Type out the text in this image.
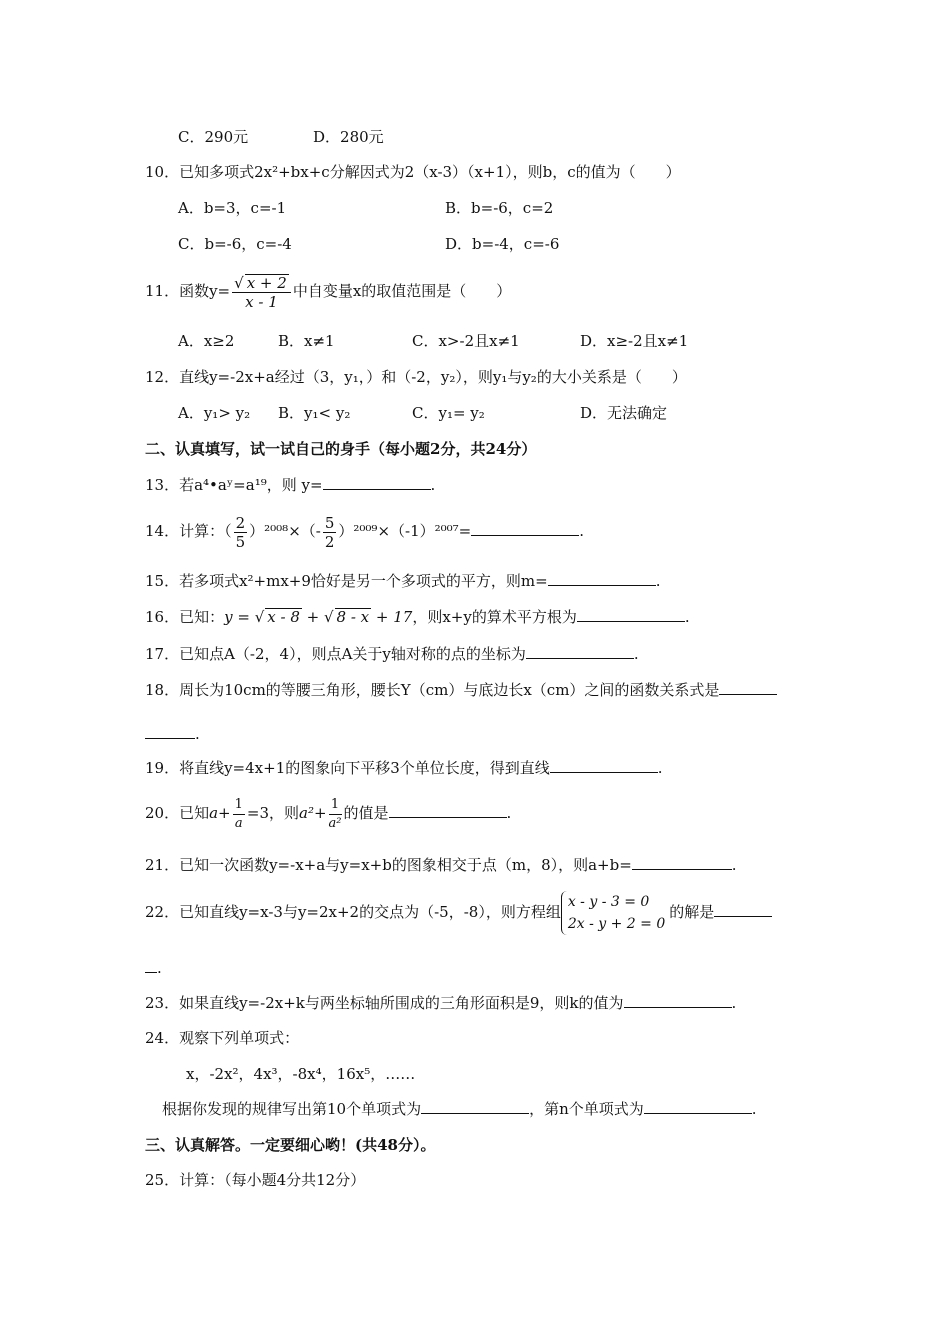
C．290元	D．280元
10．已知多项式2x²+bx+c分解因式为2（x-3）（x+1），则b，c的值为（　　）
A．b=3，c=-1	B．b=-6，c=2
C．b=-6，c=-4	D．b=-4，c=-6
11．函数$y= \frac{√ x + 2}{x - 1}$ 中自变量x的取值范围是（　　）
A．x≥2	B．x≠1	C．x>-2且x≠1	D．x≥-2且x≠1
12．直线y=-2x+a经过（3，y₁，）和（-2，y₂），则y₁与y₂的大小关系是（　　）
A．y₁> y₂ B．y₁< y₂	C．y₁= y₂	D．无法确定
二、认真填写，试一试自己的身手（每小题2分，共24分）
13．若a⁴•aʸ=a¹⁹，则 y=	.
14．计算：（ $\frac{2}{5} )^{2008}\times(- \frac{5}{2} )^{2009}\times(-1)^{2007}=$	.
15．若多项式x²+mx+9恰好是另一个多项式的平方，则m=	.
16．已知：y = √ x - 8 + √ 8 - x + 17，则x+y的算术平方根为	.
17．已知点A（-2，4），则点A关于y轴对称的点的坐标为	.
18．周长为10cm的等腰三角形，腰长Y（cm）与底边长x（cm）之间的函数关系式是
.
19．将直线y=4x+1的图象向下平移3个单位长度，得到直线	.
20．已知$a+ \frac{1}{a} =3$，则$a^2+ \frac{1}{\text{a²}}$ 的值是	.
21．已知一次函数y=-x+a与y=x+b的图象相交于点（m，8），则a+b=	.
22．已知直线y=x-3与y=2x+2的交点为（-5，-8），则方程组
x - y - 3 = 0
2x - y + 2 = 0
的解是
.
23．如果直线y=-2x+k与两坐标轴所围成的三角形面积是9，则k的值为	.
24．观察下列单项式：
x，-2x²，4x³，-8x⁴，16x⁵，……
根据你发现的规律写出第10个单项式为	，第n个单项式为	.
三、认真解答。一定要细心哟！(共48分）。
25．计算：（每小题4分共12分）
